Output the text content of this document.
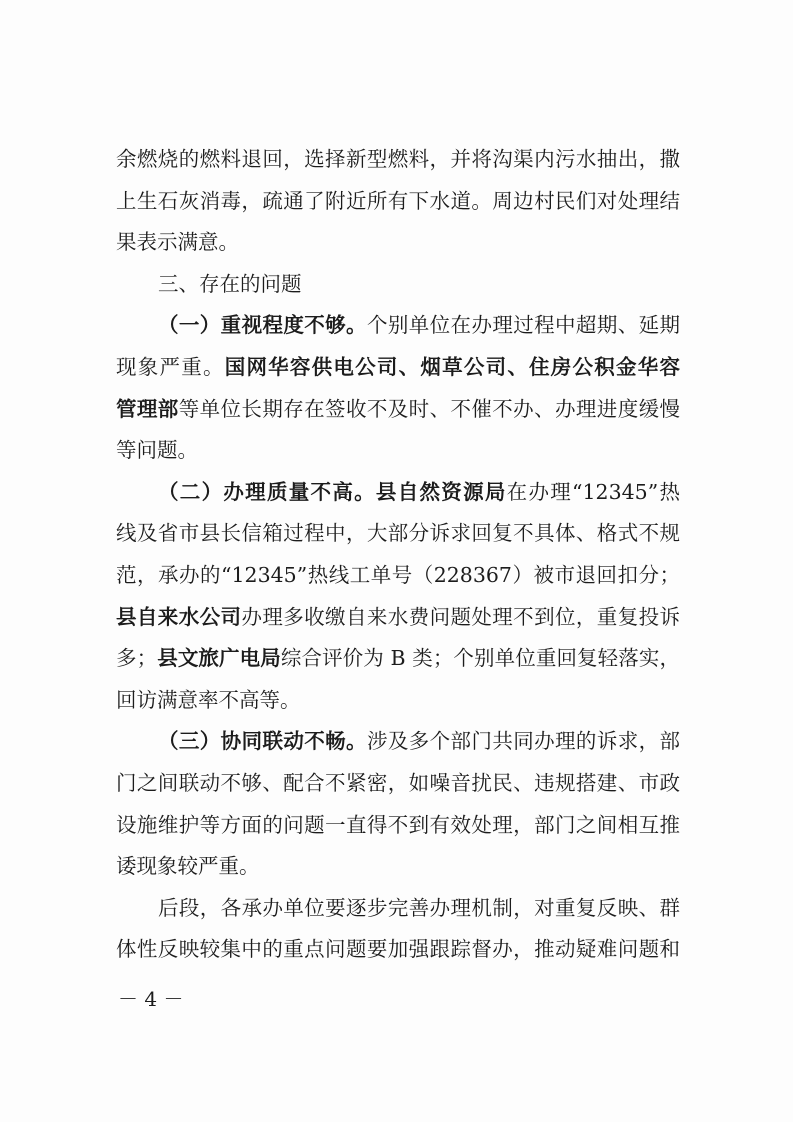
余燃烧的燃料退回，选择新型燃料，并将沟渠内污水抽出，撒
上生石灰消毒，疏通了附近所有下水道。周边村民们对处理结
果表示满意。
三、存在的问题
（一）重视程度不够。个别单位在办理过程中超期、延期
现象严重。国网华容供电公司、烟草公司、住房公积金华容
管理部等单位长期存在签收不及时、不催不办、办理进度缓慢
等问题。
（二）办理质量不高。县自然资源局在办理“12345”热
线及省市县长信箱过程中，大部分诉求回复不具体、格式不规
范，承办的“12345”热线工单号（228367）被市退回扣分；
县自来水公司办理多收缴自来水费问题处理不到位，重复投诉
多；县文旅广电局综合评价为 B 类；个别单位重回复轻落实，
回访满意率不高等。
（三）协同联动不畅。涉及多个部门共同办理的诉求，部
门之间联动不够、配合不紧密，如噪音扰民、违规搭建、市政
设施维护等方面的问题一直得不到有效处理，部门之间相互推
诿现象较严重。
后段，各承办单位要逐步完善办理机制，对重复反映、群
体性反映较集中的重点问题要加强跟踪督办，推动疑难问题和
－ 4 －
